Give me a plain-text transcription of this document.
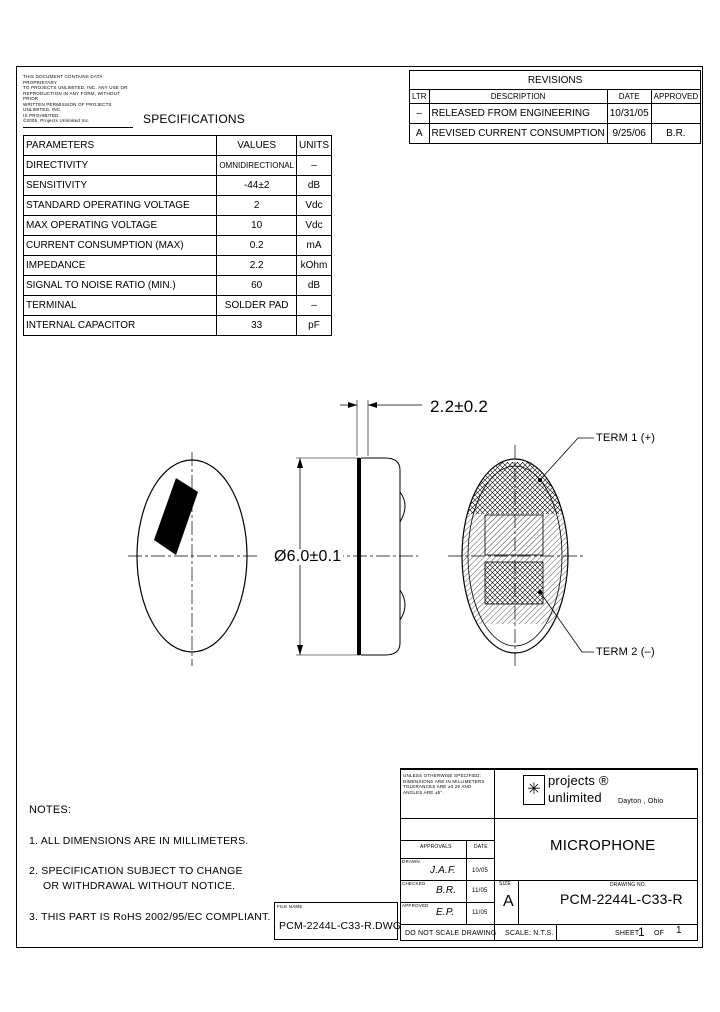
THIS DOCUMENT CONTAINS DATA PROPRIETARY
TO PROJECTS UNLIMITED, INC. ANY USE OR
REPRODUCTION IN ANY FORM, WITHOUT PRIOR
WRITTEN PERMISSION OF PROJECTS UNLIMITED, INC.
IS PROHIBITED.
©2005, Projects Unlimited Inc.	SPECIFICATIONS
PARAMETERS	VALUES	UNITS
DIRECTIVITY	OMNIDIRECTIONAL	–
SENSITIVITY	-44±2	dB
STANDARD OPERATING VOLTAGE	2	Vdc
MAX OPERATING VOLTAGE	10	Vdc
CURRENT CONSUMPTION (MAX)	0.2	mA
IMPEDANCE	2.2	kOhm
SIGNAL TO NOISE RATIO (MIN.)	60	dB
TERMINAL	SOLDER PAD	–
INTERNAL CAPACITOR	33	pF
REVISIONS			
LTR	DESCRIPTION	DATE	APPROVED
–	RELEASED FROM ENGINEERING	10/31/05	
A	REVISED CURRENT CONSUMPTION	9/25/06	B.R.
2.2±0.2
Ø6.0±0.1
TERM 1 (+)
TERM 2 (–)
NOTES:
1. ALL DIMENSIONS ARE IN MILLIMETERS.
2. SPECIFICATION SUBJECT TO CHANGE
OR WITHDRAWAL WITHOUT NOTICE.
3. THIS PART IS RoHS 2002/95/EC COMPLIANT.
FILE NAME
PCM-2244L-C33-R.DWG
UNLESS OTHERWISE SPECIFIED: DIMENSIONS ARE IN MILLIMETERS TOLERANCES ARE ±0.25 AND ANGLES ARE ±5°.
APPROVALS	DATE
DRAWN
J.A.F.	10/05
CHECKED
B.R.	11/05
APPROVED
E.P.	11/05
DO NOT SCALE DRAWING
✳
projects ®
unlimited Dayton , Ohio
MICROPHONE
SIZE
A
DRAWING NO.
PCM-2244L-C33-R
SCALE: N.T.S.	SHEET
1 OF 1
